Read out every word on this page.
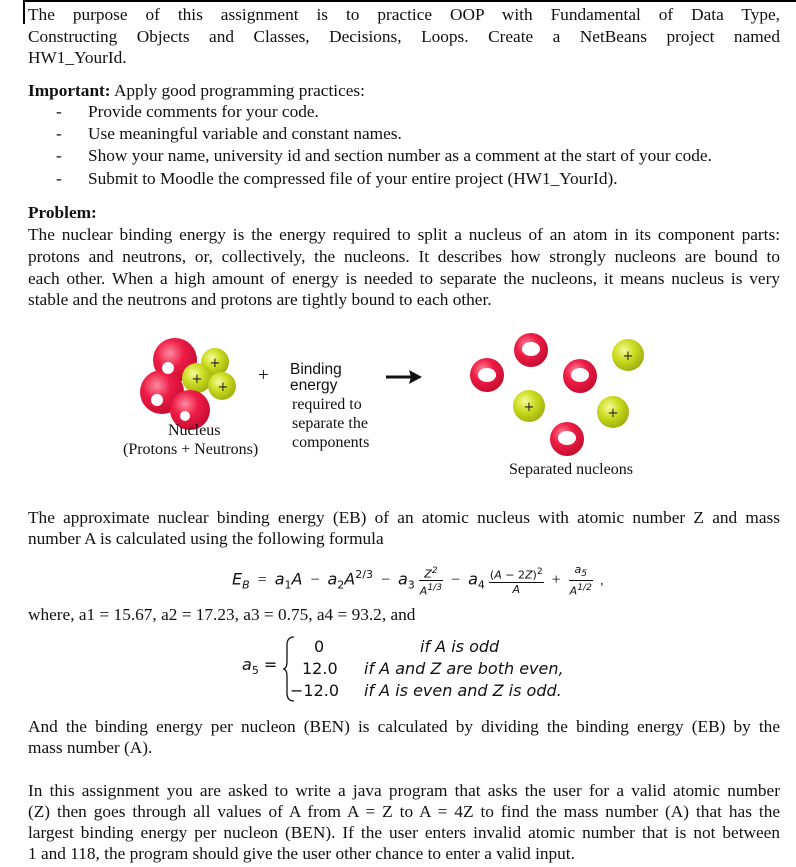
The purpose of this assignment is to practice OOP with Fundamental of Data Type,
Constructing Objects and Classes, Decisions, Loops. Create a NetBeans project named
HW1_YourId.
Important: Apply good programming practices:
- Provide comments for your code.
- Use meaningful variable and constant names.
- Show your name, university id and section number as a comment at the start of your code.
- Submit to Moodle the compressed file of your entire project (HW1_YourId).
Problem:
The nuclear binding energy is the energy required to split a nucleus of an atom in its component parts:
protons and neutrons, or, collectively, the nucleons. It describes how strongly nucleons are bound to
each other. When a high amount of energy is needed to separate the nucleons, it means nucleus is very
stable and the neutrons and protons are tightly bound to each other.
+
+
+
+
+	+
+ Binding
energy
required to
separate the
components
Nucleus
(Protons + Neutrons)
Separated nucleons
The approximate nuclear binding energy (EB) of an atomic nucleus with atomic number Z and mass
number A is calculated using the following formula
$E_B = a_1A - a_2A^{2/3} - a_3 \frac{Z^2}{A^{1/3}} - a_4 \frac{(A - 2Z)^2}{A} + \frac{a_5}{A^{1/2}}$ ,
where, a1 = 15.67, a2 = 17.23, a3 = 0.75, a4 = 93.2, and
$a_5$ =
0
12.0
−12.0
if A is odd
if A and Z are both even,
if A is even and Z is odd.
And the binding energy per nucleon (BEN) is calculated by dividing the binding energy (EB) by the
mass number (A).
In this assignment you are asked to write a java program that asks the user for a valid atomic number
(Z) then goes through all values of A from A = Z to A = 4Z to find the mass number (A) that has the
largest binding energy per nucleon (BEN). If the user enters invalid atomic number that is not between
1 and 118, the program should give the user other chance to enter a valid input.
